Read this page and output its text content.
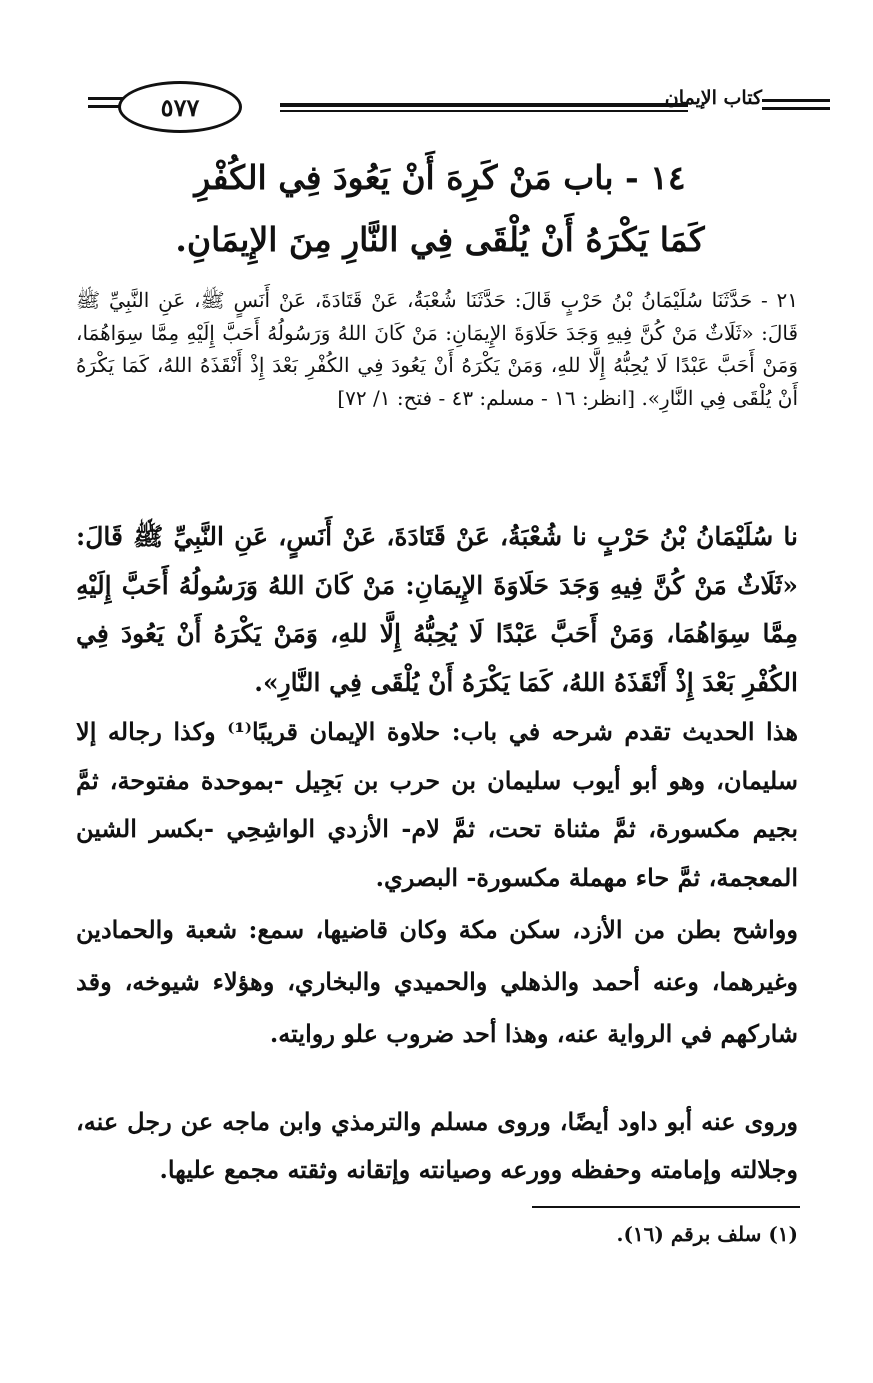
٥٧٧	كتاب الإيمان
١٤ - باب مَنْ كَرِهَ أَنْ يَعُودَ فِي الكُفْرِ
كَمَا يَكْرَهُ أَنْ يُلْقَى فِي النَّارِ مِنَ الإِيمَانِ.
٢١ - حَدَّثَنَا سُلَيْمَانُ بْنُ حَرْبٍ قَالَ: حَدَّثَنَا شُعْبَةُ، عَنْ قَتَادَةَ، عَنْ أَنَسٍ ﷺ، عَنِ النَّبِيِّ ﷺ قَالَ: «ثَلَاثٌ مَنْ كُنَّ فِيهِ وَجَدَ حَلَاوَةَ الإِيمَانِ: مَنْ كَانَ اللهُ وَرَسُولُهُ أَحَبَّ إِلَيْهِ مِمَّا سِوَاهُمَا، وَمَنْ أَحَبَّ عَبْدًا لَا يُحِبُّهُ إِلَّا للهِ، وَمَنْ يَكْرَهُ أَنْ يَعُودَ فِي الكُفْرِ بَعْدَ إِذْ أَنْقَذَهُ اللهُ، كَمَا يَكْرَهُ أَنْ يُلْقَى فِي النَّارِ». [انظر: ١٦ - مسلم: ٤٣ - فتح: ١/ ٧٢]
نا سُلَيْمَانُ بْنُ حَرْبٍ نا شُعْبَةُ، عَنْ قَتَادَةَ، عَنْ أَنَسٍ، عَنِ النَّبِيِّ ﷺ قَالَ: «ثَلَاثٌ مَنْ كُنَّ فِيهِ وَجَدَ حَلَاوَةَ الإِيمَانِ: مَنْ كَانَ اللهُ وَرَسُولُهُ أَحَبَّ إِلَيْهِ مِمَّا سِوَاهُمَا، وَمَنْ أَحَبَّ عَبْدًا لَا يُحِبُّهُ إِلَّا للهِ، وَمَنْ يَكْرَهُ أَنْ يَعُودَ فِي الكُفْرِ بَعْدَ إِذْ أَنْقَذَهُ اللهُ، كَمَا يَكْرَهُ أَنْ يُلْقَى فِي النَّارِ».
هذا الحديث تقدم شرحه في باب: حلاوة الإيمان قريبًا⁽¹⁾ وكذا رجاله إلا سليمان، وهو أبو أيوب سليمان بن حرب بن بَجِيل -بموحدة مفتوحة، ثمَّ بجيم مكسورة، ثمَّ مثناة تحت، ثمَّ لام- الأزدي الواشِحِي -بكسر الشين المعجمة، ثمَّ حاء مهملة مكسورة- البصري.
وواشح بطن من الأزد، سكن مكة وكان قاضيها، سمع: شعبة والحمادين وغيرهما، وعنه أحمد والذهلي والحميدي والبخاري، وهؤلاء شيوخه، وقد شاركهم في الرواية عنه، وهذا أحد ضروب علو روايته.
وروى عنه أبو داود أيضًا، وروى مسلم والترمذي وابن ماجه عن رجل عنه، وجلالته وإمامته وحفظه وورعه وصيانته وإتقانه وثقته مجمع عليها.
(١) سلف برقم (١٦).
